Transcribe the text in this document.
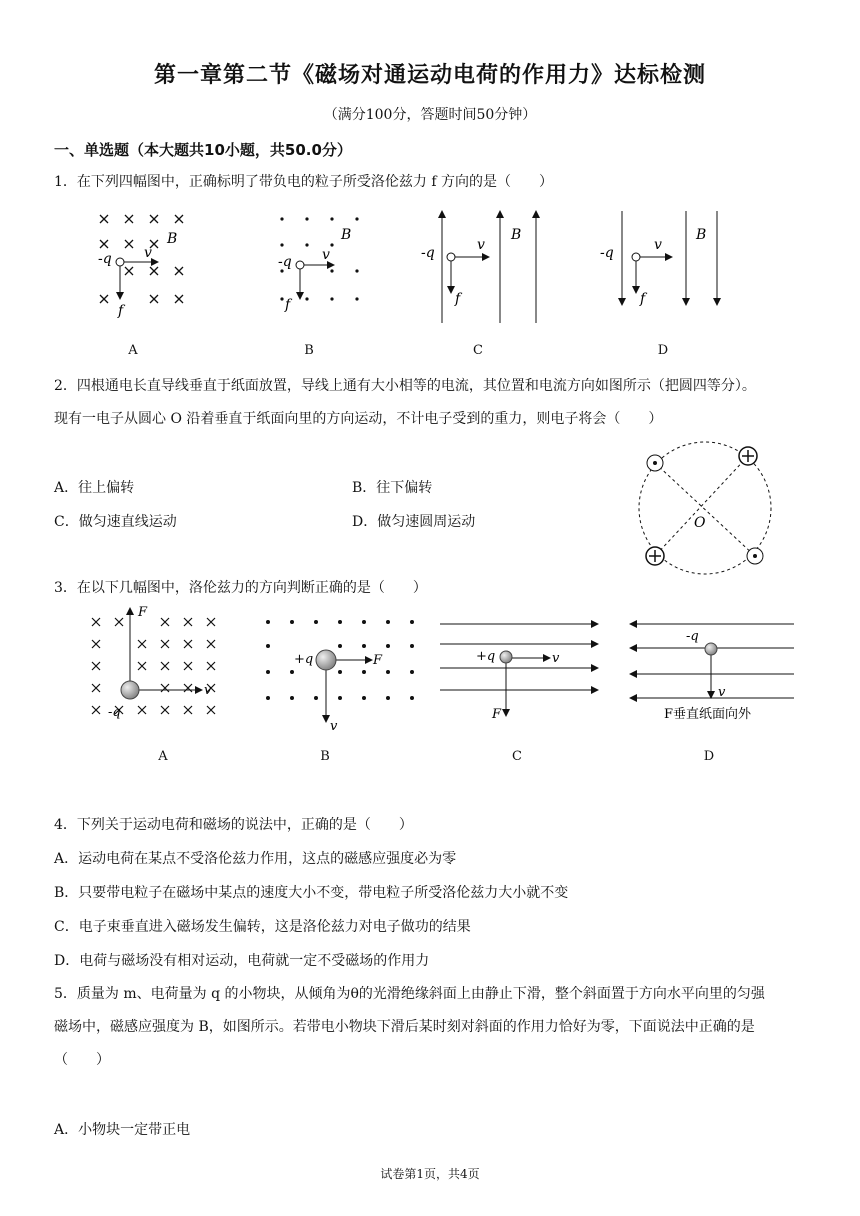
第一章第二节《磁场对通运动电荷的作用力》达标检测
（满分100分，答题时间50分钟）
一、单选题（本大题共10小题，共50.0分）
1．在下列四幅图中，正确标明了带负电的粒子所受洛伦兹力 f 方向的是（　　）
-q v
B
f
-q v
B
f
-q	v
B
f
-q	v
B
f
A	B	C	D
2．四根通电长直导线垂直于纸面放置，导线上通有大小相等的电流，其位置和电流方向如图所示（把圆四等分）。
现有一电子从圆心 O 沿着垂直于纸面向里的方向运动，不计电子受到的重力，则电子将会（　　）
A．往上偏转	B．往下偏转
C．做匀速直线运动	D．做匀速圆周运动	O
3．在以下几幅图中，洛伦兹力的方向判断正确的是（　　）
F
v
-q
+q	F
v
+q	v
F
-q
v
F垂直纸面向外
A	B	C	D
4．下列关于运动电荷和磁场的说法中，正确的是（　　）
A．运动电荷在某点不受洛伦兹力作用，这点的磁感应强度必为零
B．只要带电粒子在磁场中某点的速度大小不变，带电粒子所受洛伦兹力大小就不变
C．电子束垂直进入磁场发生偏转，这是洛伦兹力对电子做功的结果
D．电荷与磁场没有相对运动，电荷就一定不受磁场的作用力
5．质量为 m、电荷量为 q 的小物块，从倾角为θ的光滑绝缘斜面上由静止下滑，整个斜面置于方向水平向里的匀强
磁场中，磁感应强度为 B，如图所示。若带电小物块下滑后某时刻对斜面的作用力恰好为零，下面说法中正确的是
（　　）
A．小物块一定带正电
试卷第1页，共4页
